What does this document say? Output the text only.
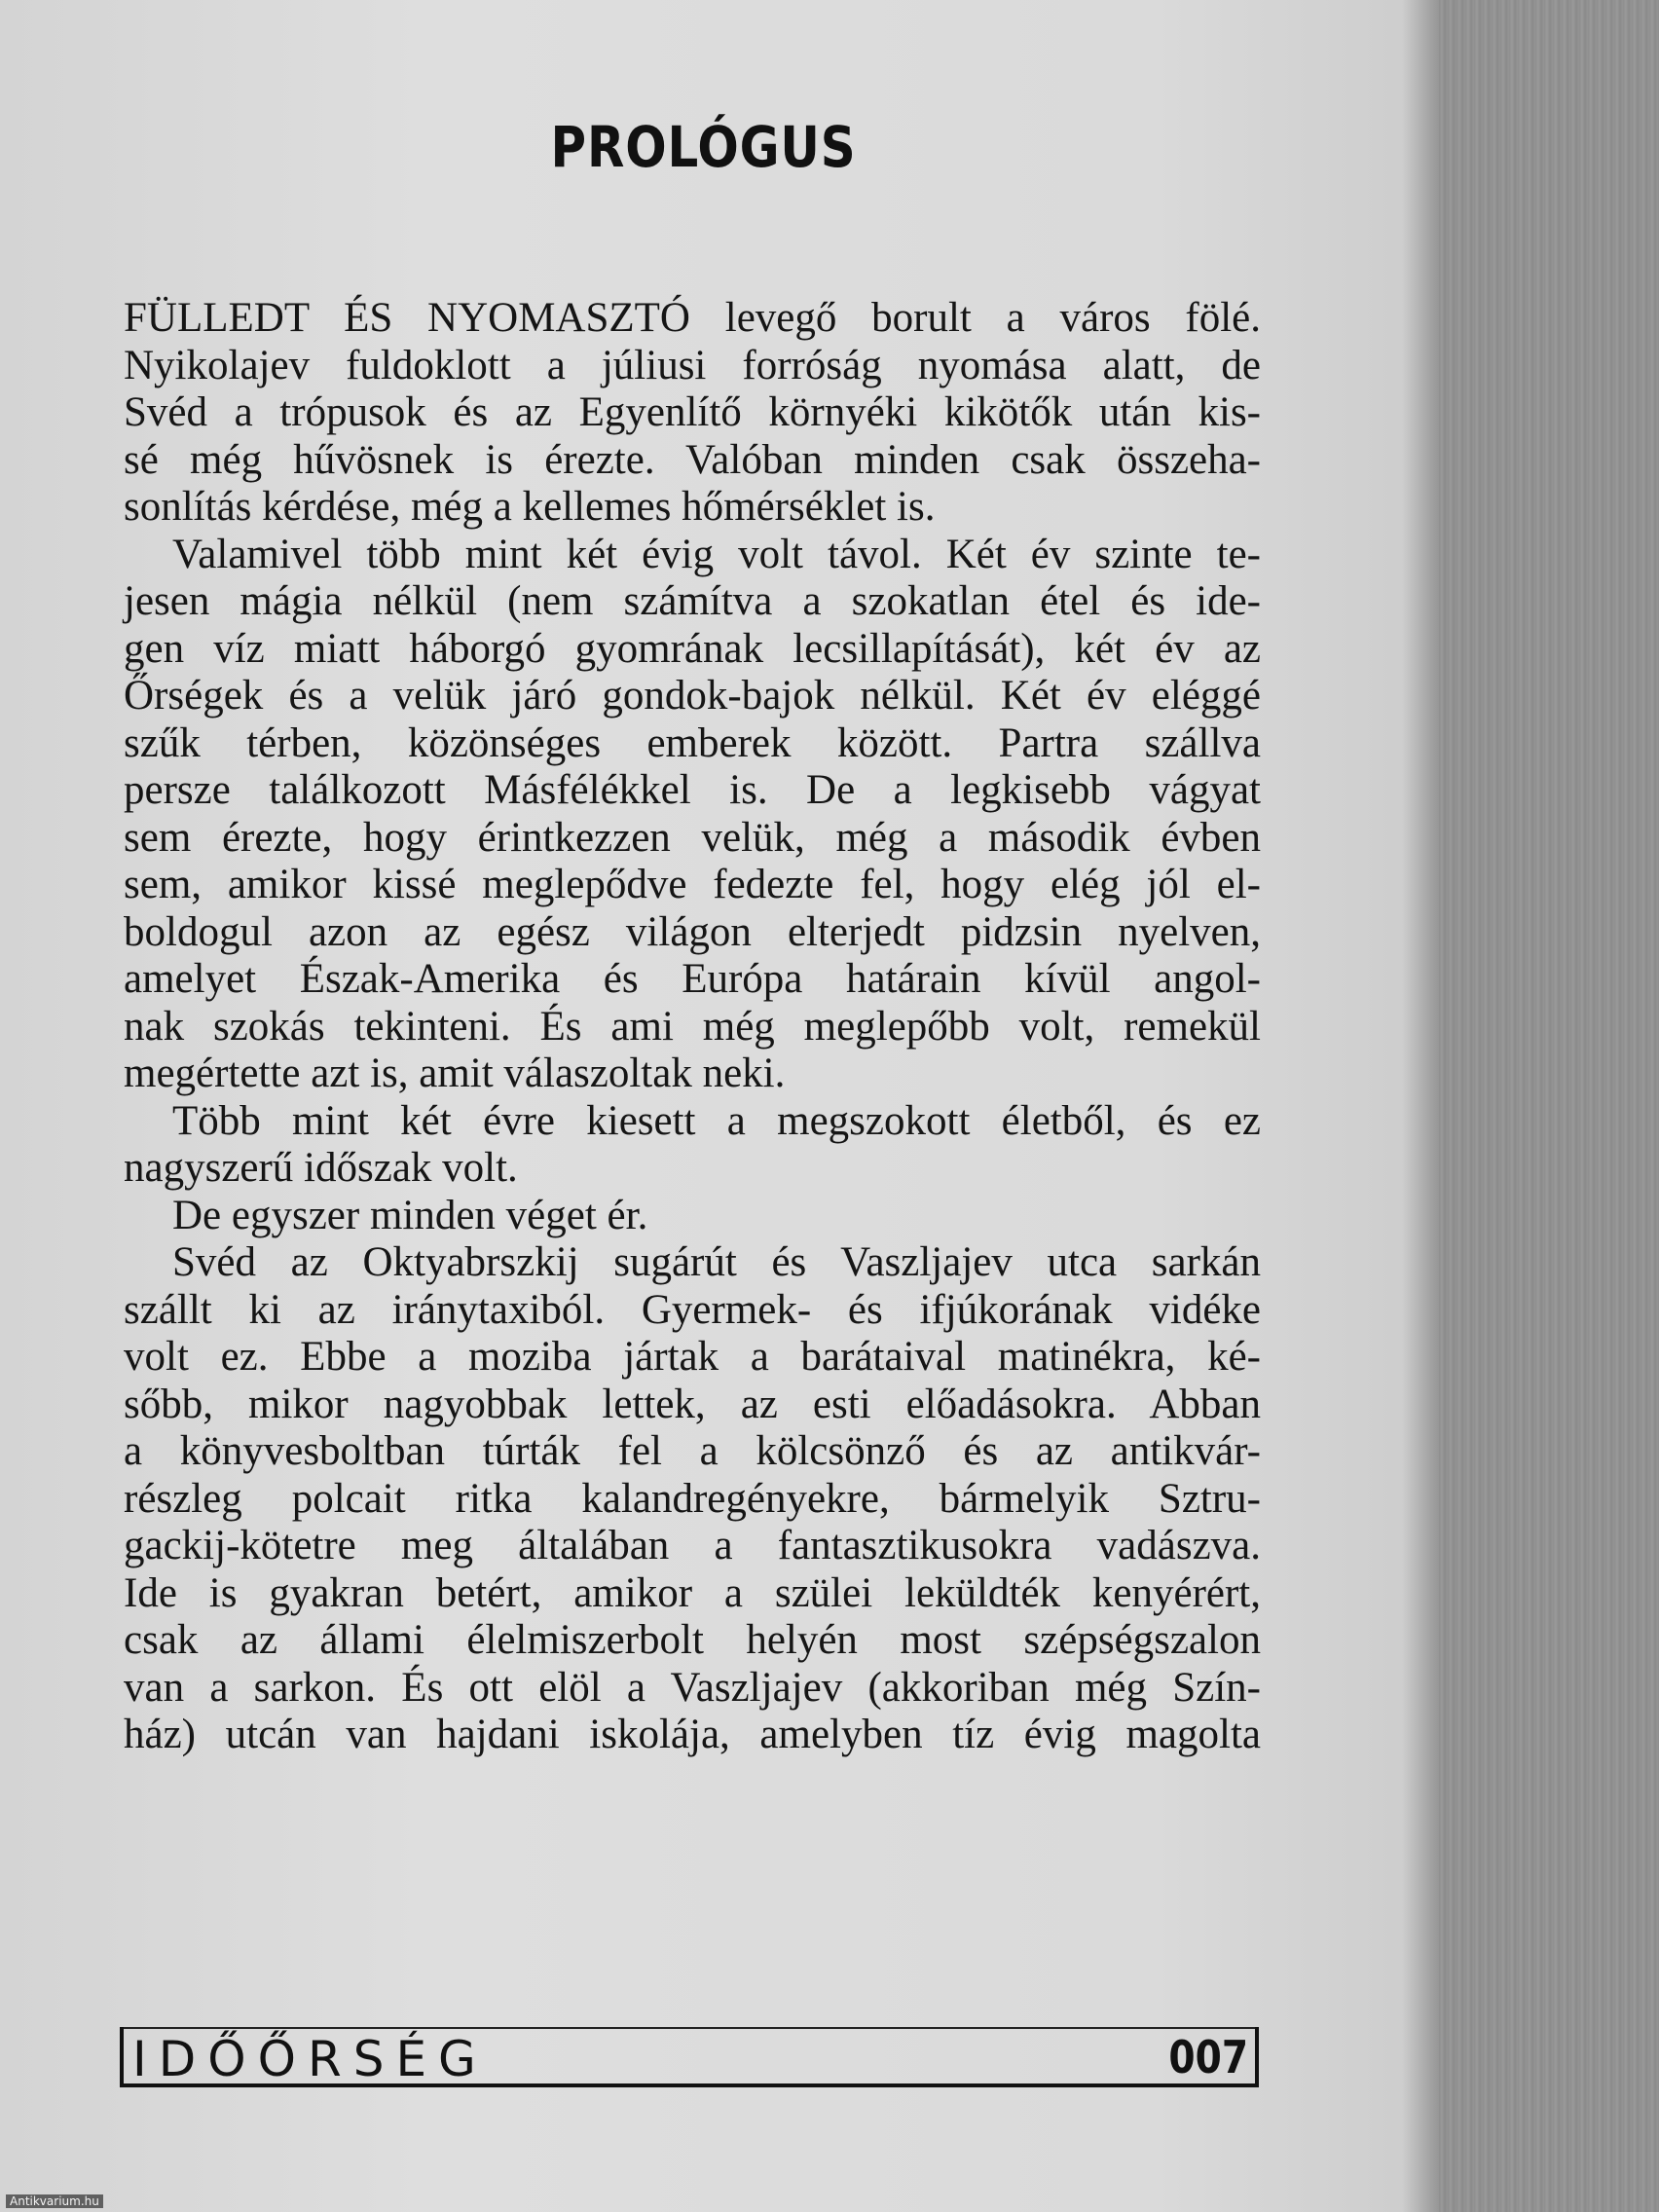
PROLÓGUS
FÜLLEDT ÉS NYOMASZTÓ levegő borult a város fölé.
Nyikolajev fuldoklott a júliusi forróság nyomása alatt, de
Svéd a trópusok és az Egyenlítő környéki kikötők után kis-
sé még hűvösnek is érezte. Valóban minden csak összeha-
sonlítás kérdése, még a kellemes hőmérséklet is.
Valamivel több mint két évig volt távol. Két év szinte te-
jesen mágia nélkül (nem számítva a szokatlan étel és ide-
gen víz miatt háborgó gyomrának lecsillapítását), két év az
Őrségek és a velük járó gondok-bajok nélkül. Két év eléggé
szűk térben, közönséges emberek között. Partra szállva
persze találkozott Másfélékkel is. De a legkisebb vágyat
sem érezte, hogy érintkezzen velük, még a második évben
sem, amikor kissé meglepődve fedezte fel, hogy elég jól el-
boldogul azon az egész világon elterjedt pidzsin nyelven,
amelyet Észak-Amerika és Európa határain kívül angol-
nak szokás tekinteni. És ami még meglepőbb volt, remekül
megértette azt is, amit válaszoltak neki.
Több mint két évre kiesett a megszokott életből, és ez
nagyszerű időszak volt.
De egyszer minden véget ér.
Svéd az Oktyabrszkij sugárút és Vaszljajev utca sarkán
szállt ki az iránytaxiból. Gyermek- és ifjúkorának vidéke
volt ez. Ebbe a moziba jártak a barátaival matinékra, ké-
sőbb, mikor nagyobbak lettek, az esti előadásokra. Abban
a könyvesboltban túrták fel a kölcsönző és az antikvár-
részleg polcait ritka kalandregényekre, bármelyik Sztru-
gackij-kötetre meg általában a fantasztikusokra vadászva.
Ide is gyakran betért, amikor a szülei leküldték kenyérért,
csak az állami élelmiszerbolt helyén most szépségszalon
van a sarkon. És ott elöl a Vaszljajev (akkoriban még Szín-
ház) utcán van hajdani iskolája, amelyben tíz évig magolta
IDŐŐRSÉG	007
Antikvarium.hu
